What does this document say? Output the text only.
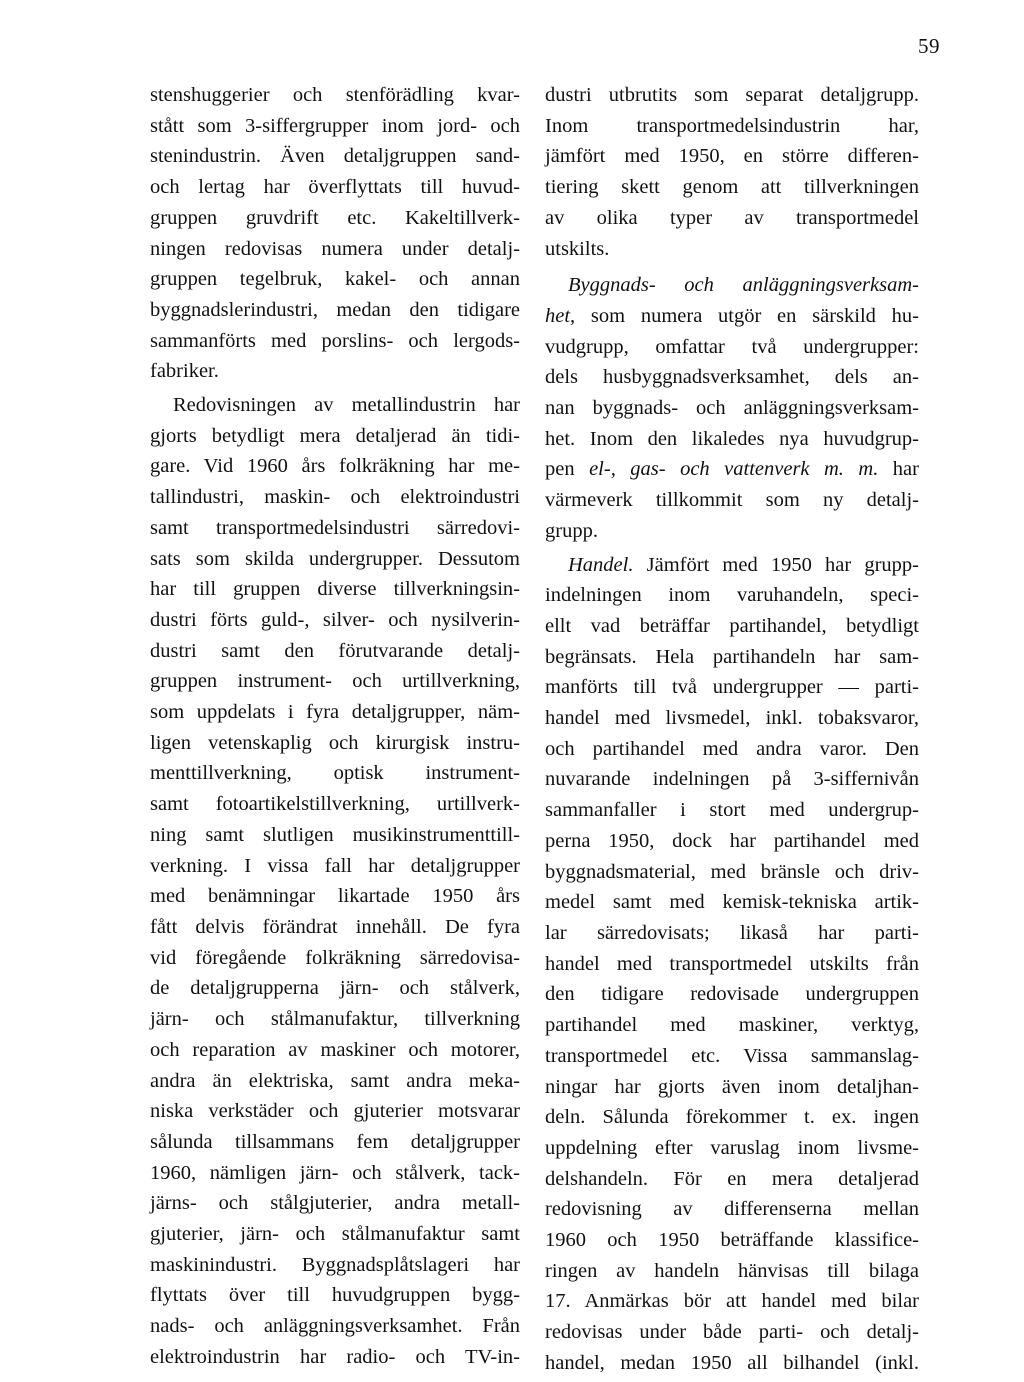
59

stenshuggerier och stenförädling kvar-
stått som 3-siffergrupper inom jord- och
stenindustrin. Även detaljgruppen sand-
och lertag har överflyttats till huvud-
gruppen gruvdrift etc. Kakeltillverk-
ningen redovisas numera under detalj-
gruppen tegelbruk, kakel- och annan
byggnadslerindustri, medan den tidigare
sammanförts med porslins- och lergods-
fabriker.

Redovisningen av metallindustrin har
gjorts betydligt mera detaljerad än tidi-
gare. Vid 1960 års folkräkning har me-
tallindustri, maskin- och elektroindustri
samt transportmedelsindustri särredovi-
sats som skilda undergrupper. Dessutom
har till gruppen diverse tillverkningsin-
dustri förts guld-, silver- och nysilverin-
dustri samt den förutvarande detalj-
gruppen instrument- och urtillverkning,
som uppdelats i fyra detaljgrupper, näm-
ligen vetenskaplig och kirurgisk instru-
menttillverkning, optisk instrument-
samt fotoartikelstillverkning, urtillverk-
ning samt slutligen musikinstrumenttill-
verkning. I vissa fall har detaljgrupper
med benämningar likartade 1950 års
fått delvis förändrat innehåll. De fyra
vid föregående folkräkning särredovisa-
de detaljgrupperna järn- och stålverk,
järn- och stålmanufaktur, tillverkning
och reparation av maskiner och motorer,
andra än elektriska, samt andra meka-
niska verkstäder och gjuterier motsvarar
sålunda tillsammans fem detaljgrupper
1960, nämligen järn- och stålverk, tack-
järns- och stålgjuterier, andra metall-
gjuterier, järn- och stålmanufaktur samt
maskinindustri. Byggnadsplåtslageri har
flyttats över till huvudgruppen bygg-
nads- och anläggningsverksamhet. Från
elektroindustrin har radio- och TV-in-

dustri utbrutits som separat detaljgrupp.
Inom transportmedelsindustrin har,
jämfört med 1950, en större differen-
tiering skett genom att tillverkningen
av olika typer av transportmedel
utskilts.

Byggnads- och anläggningsverksam-
het, som numera utgör en särskild hu-
vudgrupp, omfattar två undergrupper:
dels husbyggnadsverksamhet, dels an-
nan byggnads- och anläggningsverksam-
het. Inom den likaledes nya huvudgrup-
pen el-, gas- och vattenverk m. m. har
värmeverk tillkommit som ny detalj-
grupp.

Handel. Jämfört med 1950 har grupp-
indelningen inom varuhandeln, speci-
ellt vad beträffar partihandel, betydligt
begränsats. Hela partihandeln har sam-
manförts till två undergrupper — parti-
handel med livsmedel, inkl. tobaksvaror,
och partihandel med andra varor. Den
nuvarande indelningen på 3-siffernivån
sammanfaller i stort med undergrup-
perna 1950, dock har partihandel med
byggnadsmaterial, med bränsle och driv-
medel samt med kemisk-tekniska artik-
lar särredovisats; likaså har parti-
handel med transportmedel utskilts från
den tidigare redovisade undergruppen
partihandel med maskiner, verktyg,
transportmedel etc. Vissa sammanslag-
ningar har gjorts även inom detaljhan-
deln. Sålunda förekommer t. ex. ingen
uppdelning efter varuslag inom livsme-
delshandeln. För en mera detaljerad
redovisning av differenserna mellan
1960 och 1950 beträffande klassifice-
ringen av handeln hänvisas till bilaga
17. Anmärkas bör att handel med bilar
redovisas under både parti- och detalj-
handel, medan 1950 all bilhandel (inkl.
